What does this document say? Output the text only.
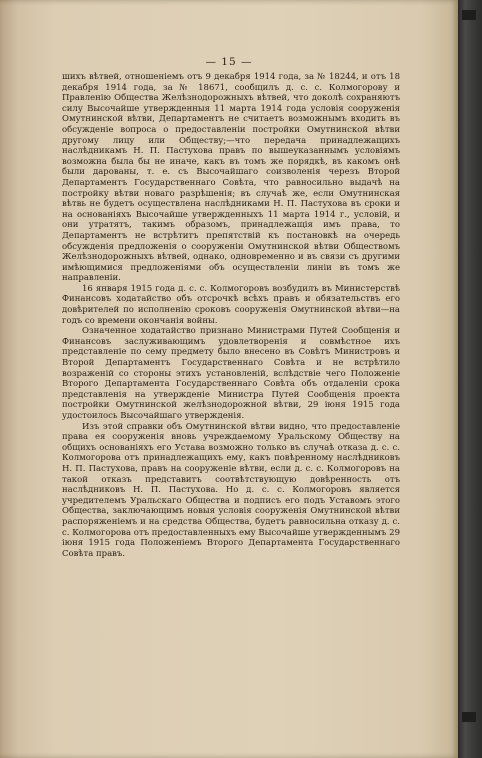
— 15 —

шихъ вѣтвей, отношеніемъ отъ 9 декабря 1914 года, за № 18244, и отъ 18 декабря 1914 года, за № 18671, сообщилъ д. с. с. Колмогорову и Правленію Общества Желѣзнодорожныхъ вѣтвей, что доколѣ сохраняютъ силу Высочайше утвержденныя 11 марта 1914 года условія сооруженія Омутнинской вѣтви, Департаментъ не считаетъ возможнымъ входить въ обсужденіе вопроса о предоставленіи постройки Омутнинской вѣтви другому лицу или Обществу;—что передача принадлежащихъ наслѣдникамъ Н. П. Пастухова правъ по вышеуказаннымъ условіямъ возможна была бы не иначе, какъ въ томъ же порядкѣ, въ какомъ онѣ были дарованы, т. е. съ Высочайшаго соизволенія черезъ Второй Департаментъ Государственнаго Совѣта, что равносильно выдачѣ на постройку вѣтви новаго разрѣшенія; въ случаѣ же, если Омутнинская вѣтвь не будетъ осуществлена наслѣдниками Н. П. Пастухова въ сроки и на основаніяхъ Высочайше утвержденныхъ 11 марта 1914 г., условій, и они утратятъ, такимъ образомъ, принадлежащія имъ права, то Департаментъ не встрѣтитъ препятствій къ постановкѣ на очередь обсужденія предложенія о сооруженіи Омутнинской вѣтви Обществомъ Желѣзнодорожныхъ вѣтвей, однако, одновременно и въ связи съ другими имѣющимися предложеніями объ осуществленіи линіи въ томъ же направленіи.

16 января 1915 года д. с. с. Колмогоровъ возбудилъ въ Министерствѣ Финансовъ ходатайство объ отсрочкѣ всѣхъ правъ и обязательствъ его довѣрителей по исполненію сроковъ сооруженія Омутнинской вѣтви—на годъ со времени окончанія войны.

Означенное ходатайство признано Министрами Путей Сообщенія и Финансовъ заслуживающимъ удовлетворенія и совмѣстное ихъ представленіе по сему предмету было внесено въ Совѣтъ Министровъ и Второй Департаментъ Государственнаго Совѣта и не встрѣтило возраженій со стороны этихъ установленій, вслѣдствіе чего Положеніе Второго Департамента Государственнаго Совѣта объ отдаленіи срока представленія на утвержденіе Министра Путей Сообщенія проекта постройки Омутнинской желѣзнодорожной вѣтви, 29 іюня 1915 года удостоилось Высочайшаго утвержденія.

Изъ этой справки объ Омутнинской вѣтви видно, что предоставленіе права ея сооруженія вновь учреждаемому Уральскому Обществу на общихъ основаніяхъ его Устава возможно только въ случаѣ отказа д. с. с. Колмогорова отъ принадлежащихъ ему, какъ повѣренному наслѣдниковъ Н. П. Пастухова, правъ на сооруженіе вѣтви, если д. с. с. Колмогоровъ на такой отказъ представитъ соотвѣтствующую довѣренность отъ наслѣдниковъ Н. П. Пастухова. Но д. с. с. Колмогоровъ является учредителемъ Уральскаго Общества и подписъ его подъ Уставомъ этого Общества, заключающимъ новыя условія сооруженія Омутнинской вѣтви распоряженіемъ и на средства Общества, будетъ равносильна отказу д. с. с. Колмогорова отъ предоставленныхъ ему Высочайше утвержденнымъ 29 іюня 1915 года Положеніемъ Второго Департамента Государственнаго Совѣта правъ.
